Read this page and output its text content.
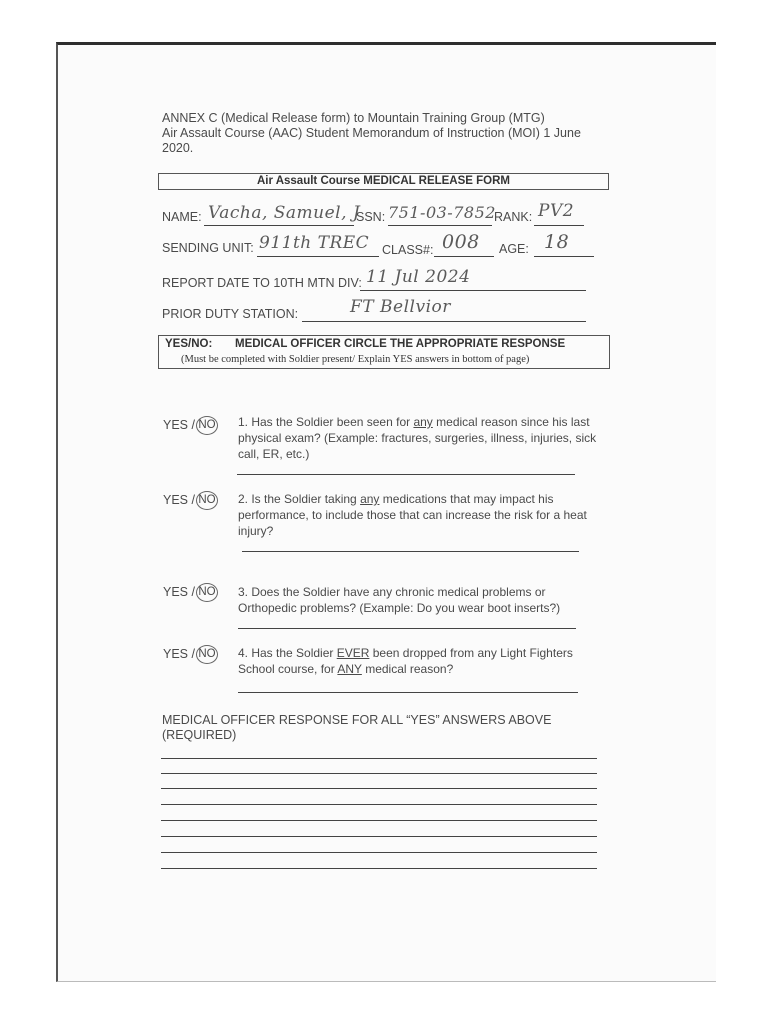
ANNEX C (Medical Release form) to Mountain Training Group (MTG)
Air Assault Course (AAC) Student Memorandum of Instruction (MOI) 1 June
2020.
Air Assault Course MEDICAL RELEASE FORM
NAME: Vacha, Samuel, J
SSN: 751-03-7852
RANK: PV2
SENDING UNIT: 911th TREC CLASS#: 008 AGE: 18
REPORT DATE TO 10TH MTN DIV: 11 Jul 2024
PRIOR DUTY STATION:	FT Bellvior
YES/NO: MEDICAL OFFICER CIRCLE THE APPROPRIATE RESPONSE
(Must be completed with Soldier present/ Explain YES answers in bottom of page)
YES / NO 1. Has the Soldier been seen for any medical reason since his last physical exam? (Example: fractures, surgeries, illness, injuries, sick call, ER, etc.)
YES / NO 2. Is the Soldier taking any medications that may impact his performance, to include those that can increase the risk for a heat injury?
YES / NO 3. Does the Soldier have any chronic medical problems or Orthopedic problems? (Example: Do you wear boot inserts?)
YES / NO 4. Has the Soldier EVER been dropped from any Light Fighters School course, for ANY medical reason?
MEDICAL OFFICER RESPONSE FOR ALL “YES” ANSWERS ABOVE (REQUIRED)
